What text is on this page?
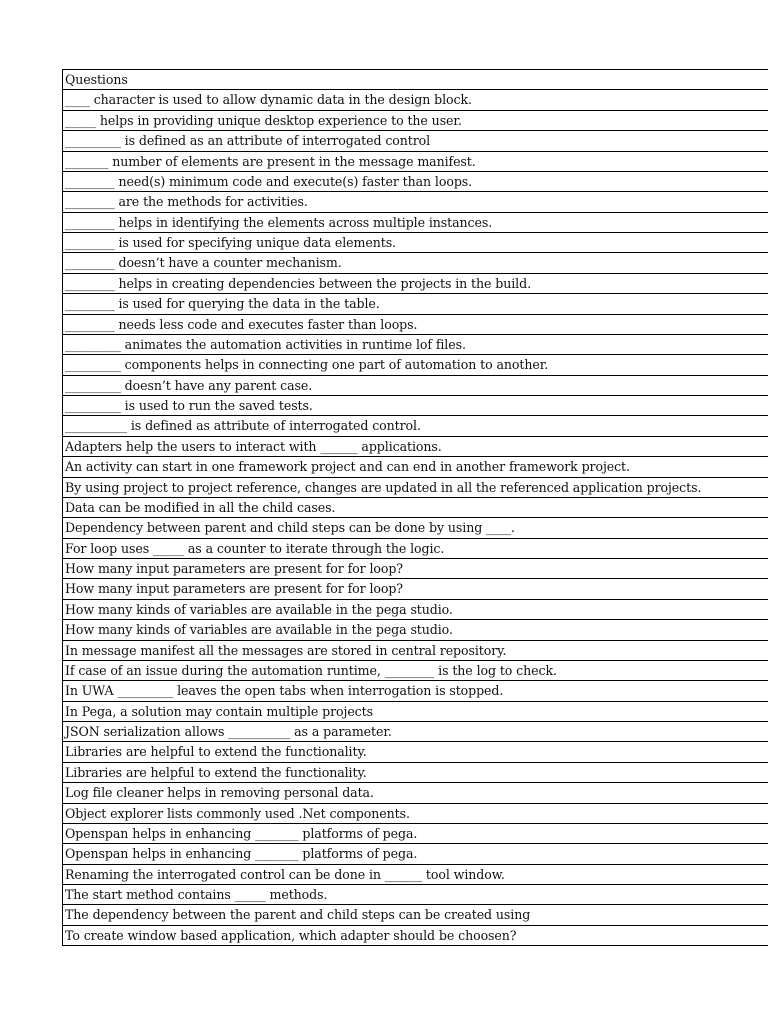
Questions
____ character is used to allow dynamic data in the design block.
_____ helps in providing unique desktop experience to the user.
_________ is defined as an attribute of interrogated control
_______ number of elements are present in the message manifest.
________ need(s) minimum code and execute(s) faster than loops.
________ are the methods for activities.
________ helps in identifying the elements across multiple instances.
________ is used for specifying unique data elements.
________ doesn’t have a counter mechanism.
________ helps in creating dependencies between the projects in the build.
________ is used for querying the data in the table.
________ needs less code and executes faster than loops.
_________ animates the automation activities in runtime lof files.
_________ components helps in connecting one part of automation to another.
_________ doesn’t have any parent case.
_________ is used to run the saved tests.
__________ is defined as attribute of interrogated control.
Adapters help the users to interact with ______ applications.
An activity can start in one framework project and can end in another framework project.
By using project to project reference, changes are updated in all the referenced application projects.
Data can be modified in all the child cases.
Dependency between parent and child steps can be done by using ____.
For loop uses _____ as a counter to iterate through the logic.
How many input parameters are present for for loop?
How many input parameters are present for for loop?
How many kinds of variables are available in the pega studio.
How many kinds of variables are available in the pega studio.
In message manifest all the messages are stored in central repository.
If case of an issue during the automation runtime, ________ is the log to check.
In UWA _________ leaves the open tabs when interrogation is stopped.
In Pega, a solution may contain multiple projects
JSON serialization allows __________ as a parameter.
Libraries are helpful to extend the functionality.
Libraries are helpful to extend the functionality.
Log file cleaner helps in removing personal data.
Object explorer lists commonly used .Net components.
Openspan helps in enhancing _______ platforms of pega.
Openspan helps in enhancing _______ platforms of pega.
Renaming the interrogated control can be done in ______ tool window.
The start method contains _____ methods.
The dependency between the parent and child steps can be created using
To create window based application, which adapter should be choosen?
